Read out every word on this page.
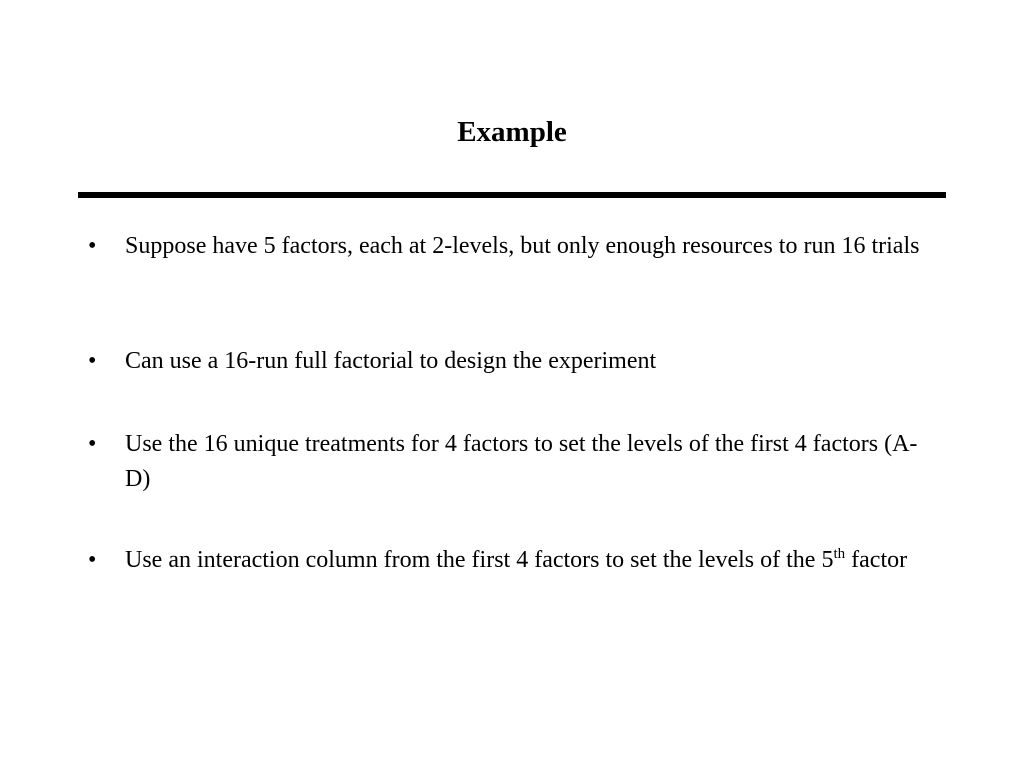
Example
• Suppose have 5 factors, each at 2-levels, but only enough resources to run 16 trials
• Can use a 16-run full factorial to design the experiment
• Use the 16 unique treatments for 4 factors to set the levels of the first 4 factors (A-D)
• Use an interaction column from the first 4 factors to set the levels of the 5th factor
